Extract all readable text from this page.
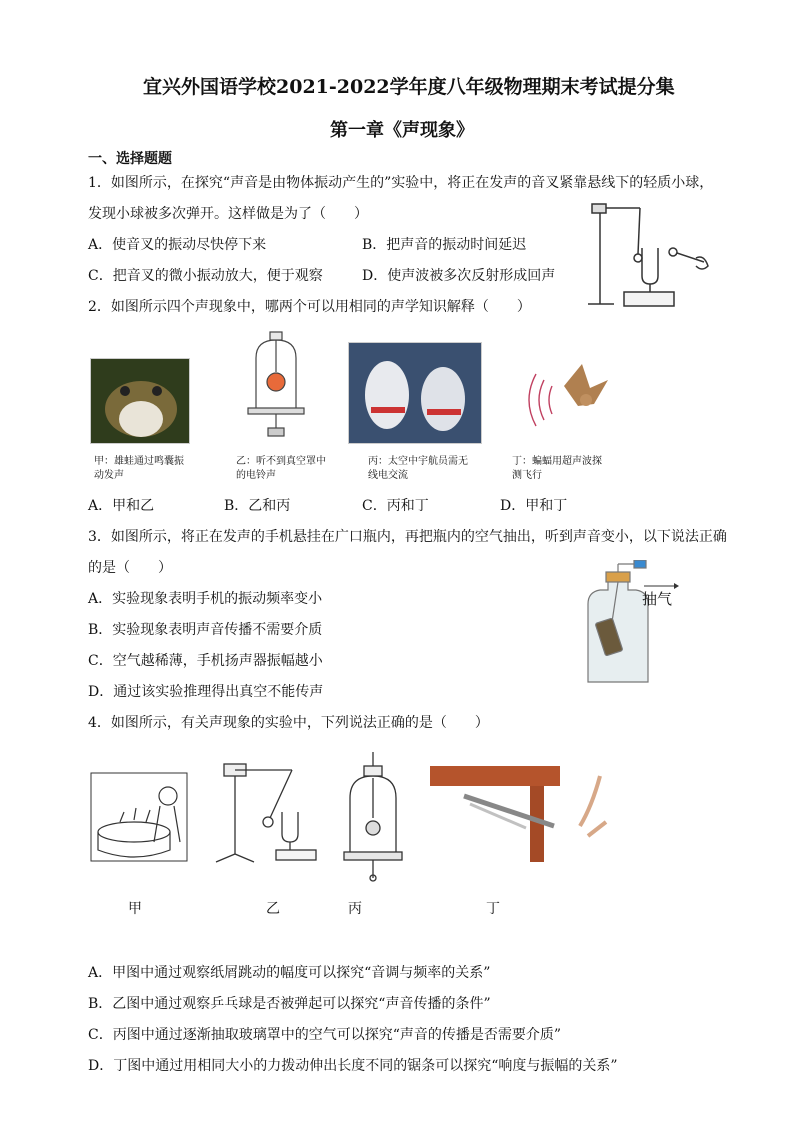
宜兴外国语学校2021-2022学年度八年级物理期末考试提分集
第一章《声现象》
一、选择题题
1．如图所示，在探究“声音是由物体振动产生的”实验中，将正在发声的音叉紧靠悬线下的轻质小球，
发现小球被多次弹开。这样做是为了（　　）
A．使音叉的振动尽快停下来	B．把声音的振动时间延迟
C．把音叉的微小振动放大，便于观察	D．使声波被多次反射形成回声
2．如图所示四个声现象中，哪两个可以用相同的声学知识解释（　　）
甲：雄蛙通过鸣囊振动发声
乙：听不到真空罩中的电铃声
丙：太空中宇航员需无线电交流
丁：蝙蝠用超声波探测飞行
A．甲和乙	B．乙和丙	C．丙和丁	D．甲和丁
3．如图所示，将正在发声的手机悬挂在广口瓶内，再把瓶内的空气抽出，听到声音变小，以下说法正确
的是（　　）
A．实验现象表明手机的振动频率变小
B．实验现象表明声音传播不需要介质
C．空气越稀薄，手机扬声器振幅越小
D．通过该实验推理得出真空不能传声
抽气
4．如图所示，有关声现象的实验中，下列说法正确的是（　　）
甲	乙	丙	丁
A．甲图中通过观察纸屑跳动的幅度可以探究“音调与频率的关系”
B．乙图中通过观察乒乓球是否被弹起可以探究“声音传播的条件”
C．丙图中通过逐渐抽取玻璃罩中的空气可以探究“声音的传播是否需要介质”
D．丁图中通过用相同大小的力拨动伸出长度不同的锯条可以探究“响度与振幅的关系”
